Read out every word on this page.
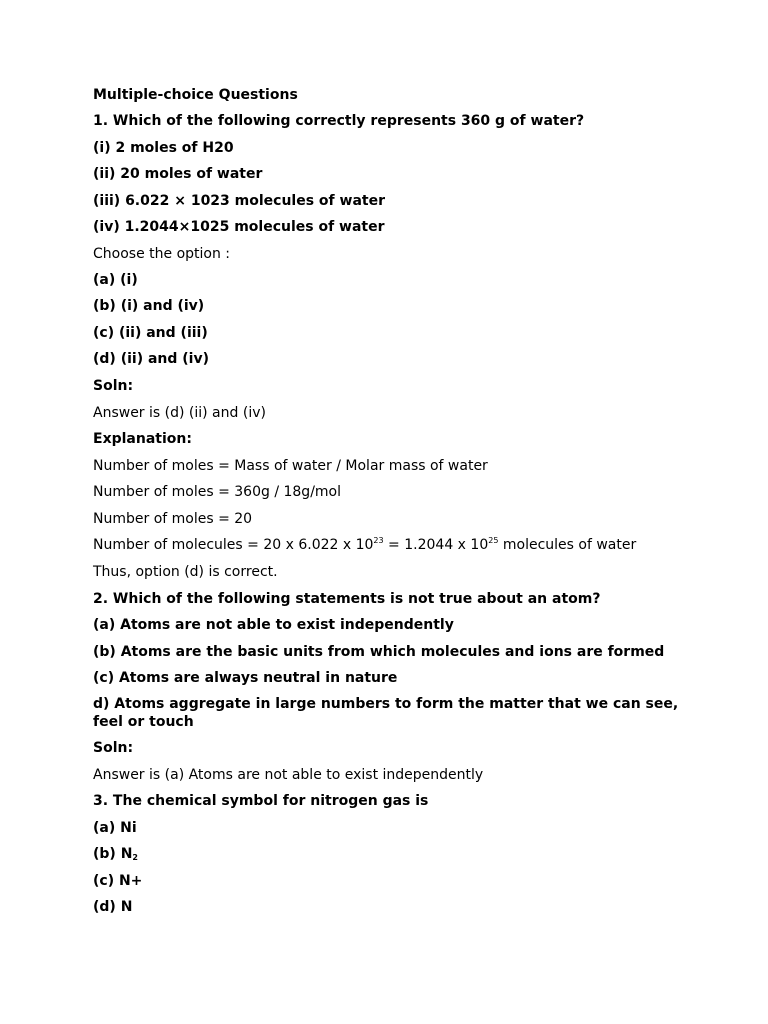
Multiple-choice Questions

1. Which of the following correctly represents 360 g of water?

(i) 2 moles of H20

(ii) 20 moles of water

(iii) 6.022 × 1023 molecules of water

(iv) 1.2044×1025 molecules of water

Choose the option :

(a) (i)

(b) (i) and (iv)

(c) (ii) and (iii)

(d) (ii) and (iv)

Soln:

Answer is (d) (ii) and (iv)

Explanation:

Number of moles = Mass of water / Molar mass of water

Number of moles = 360g / 18g/mol

Number of moles = 20

Number of molecules = 20 x 6.022 x $10^{23} = 1.2044$ x $10^{25}$ molecules of water

Thus, option (d) is correct.

2. Which of the following statements is not true about an atom?

(a) Atoms are not able to exist independently

(b) Atoms are the basic units from which molecules and ions are formed

(c) Atoms are always neutral in nature

d) Atoms aggregate in large numbers to form the matter that we can see, feel or touch

Soln:

Answer is (a) Atoms are not able to exist independently

3. The chemical symbol for nitrogen gas is

(a) Ni

(b) $N_2$

(c) N+

(d) N
